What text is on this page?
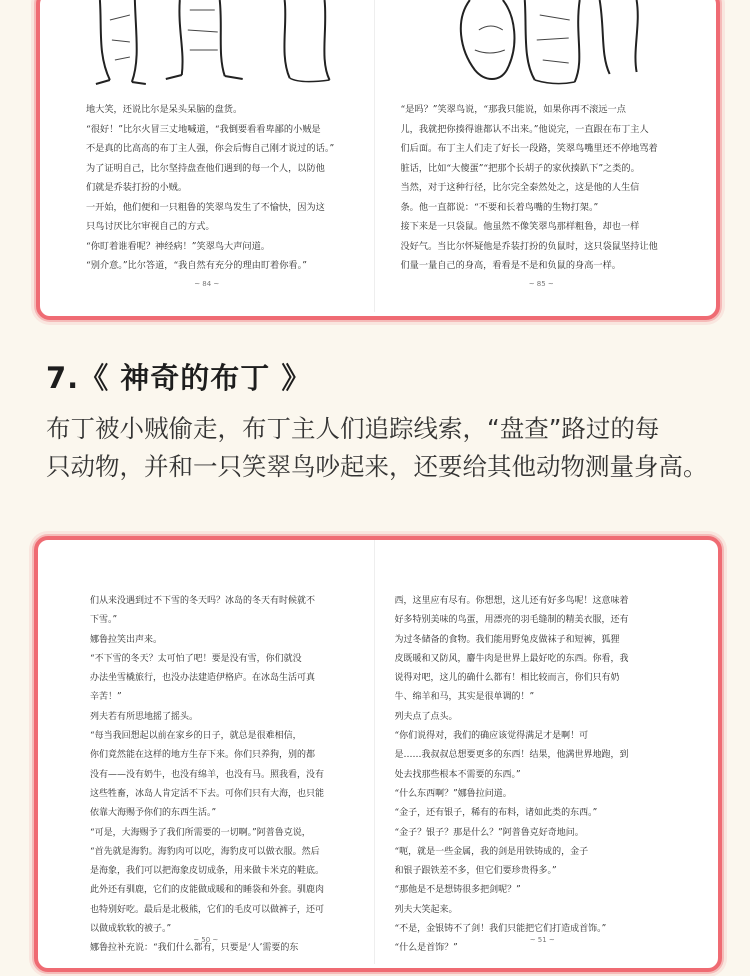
地大笑，还说比尔是呆头呆脑的盘货。

“很好！”比尔火冒三丈地喊道，“我倒要看看卑鄙的小贼是

不是真的比高高的布丁主人强，你会后悔自己刚才说过的话。”

为了证明自己，比尔坚持盘查他们遇到的每一个人，以防他

们就是乔装打扮的小贼。

一开始，他们便和一只粗鲁的笑翠鸟发生了不愉快，因为这

只鸟讨厌比尔审视自己的方式。

“你盯着谁看呢？神经病！”笑翠鸟大声问道。

“别介意。”比尔答道，“我自然有充分的理由盯着你看。”

~ 84 ~

“是吗？”笑翠鸟说，“那我只能说，如果你再不滚远一点

儿，我就把你揍得谁都认不出来。”他说完，一直跟在布丁主人

们后面。布丁主人们走了好长一段路，笑翠鸟嘴里还不停地骂着

脏话，比如“大傻蛋”“把那个长胡子的家伙揍趴下”之类的。

当然，对于这种行径，比尔完全泰然处之，这是他的人生信

条。他一直都说：“不要和长着鸟嘴的生物打架。”

接下来是一只袋鼠。他虽然不像笑翠鸟那样粗鲁，却也一样

没好气。当比尔怀疑他是乔装打扮的负鼠时，这只袋鼠坚持让他

们量一量自己的身高，看看是不是和负鼠的身高一样。

~ 85 ~
7.《 神奇的布丁 》

布丁被小贼偷走，布丁主人们追踪线索，“盘查”路过的每

只动物，并和一只笑翠鸟吵起来，还要给其他动物测量身高。

们从来没遇到过不下雪的冬天吗？冰岛的冬天有时候就不

下雪。”

娜鲁拉笑出声来。

“不下雪的冬天？太可怕了吧！要是没有雪，你们就没

办法坐雪橇旅行，也没办法建造伊格庐。在冰岛生活可真

辛苦！”

列夫若有所思地摇了摇头。

“每当我回想起以前在家乡的日子，就总是很难相信，

你们竟然能在这样的地方生存下来。你们只养狗，别的都

没有——没有奶牛，也没有绵羊，也没有马。照我看，没有

这些牲畜，冰岛人肯定活不下去。可你们只有大海，也只能

依靠大海赐予你们的东西生活。”

“可是，大海赐予了我们所需要的一切啊。”阿普鲁克说，

“首先就是海豹。海豹肉可以吃，海豹皮可以做衣服。然后

是海象，我们可以把海象皮切成条，用来做卡米克的鞋底。

此外还有驯鹿，它们的皮能做成暖和的睡袋和外套。驯鹿肉

也特别好吃。最后是北极熊，它们的毛皮可以做裤子，还可

以做成软软的被子。”

娜鲁拉补充说：“我们什么都有，只要是‘人’需要的东

~ 50 ~

西，这里应有尽有。你想想，这儿还有好多鸟呢！这意味着

好多特别美味的鸟蛋，用漂亮的羽毛缝制的精美衣服，还有

为过冬储备的食物。我们能用野兔皮做袜子和短裤，狐狸

皮既暖和又防风，麝牛肉是世界上最好吃的东西。你看，我

说得对吧，这儿的确什么都有！相比较而言，你们只有奶

牛、绵羊和马，其实是很单调的！”

列夫点了点头。

“你们说得对，我们的确应该觉得满足才是啊！可

是……我叔叔总想要更多的东西！结果，他满世界地跑，到

处去找那些根本不需要的东西。”

“什么东西啊？”娜鲁拉问道。

“金子，还有银子，稀有的布料，诸如此类的东西。”

“金子？银子？那是什么？”阿普鲁克好奇地问。

“呃，就是一些金属，我的剑是用铁铸成的，金子

和银子跟铁差不多，但它们要珍贵得多。”

“那他是不是想铸很多把剑呢？”

列夫大笑起来。

“不是，金银铸不了剑！我们只能把它们打造成首饰。”

“什么是首饰？”

~ 51 ~
